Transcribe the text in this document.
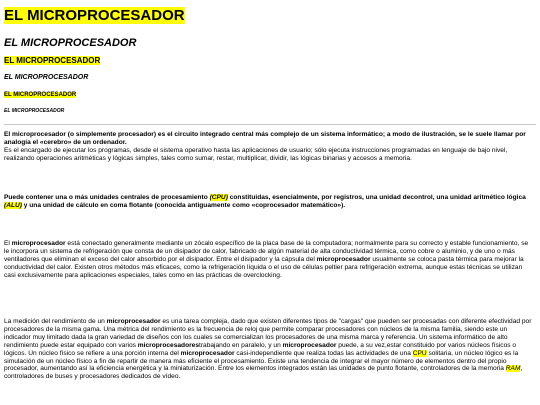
EL MICROPROCESADOR
EL MICROPROCESADOR
EL MICROPROCESADOR
EL MICROPROCESADOR
EL MICROPROCESADOR
EL MICROPROCESADOR

El microprocesador (o simplemente procesador) es el circuito integrado central más complejo de un sistema informático; a modo de ilustración, se le suele llamar por analogía el «cerebro» de un ordenador.
Es el encargado de ejecutar los programas, desde el sistema operativo hasta las aplicaciones de usuario; sólo ejecuta instrucciones programadas en lenguaje de bajo nivel, realizando operaciones aritméticas y lógicas simples, tales como sumar, restar, multiplicar, dividir, las lógicas binarias y accesos a memoria.

Puede contener una o más unidades centrales de procesamiento (CPU) constituidas, esencialmente, por registros, una unidad decontrol, una unidad aritmético lógica (ALU) y una unidad de cálculo en coma flotante (conocida antiguamente como «coprocesador matemático»).

El microprocesador está conectado generalmente mediante un zócalo específico de la placa base de la computadora; normalmente para su correcto y estable funcionamiento, se le incorpora un sistema de refrigeración que consta de un disipador de calor, fabricado de algún material de alta conductividad térmica, como cobre o aluminio, y de uno o más ventiladores que eliminan el exceso del calor absorbido por el disipador. Entre el disipador y la cápsula del microprocesador usualmente se coloca pasta térmica para mejorar la conductividad del calor. Existen otros métodos más eficaces, como la refrigeración líquida o el uso de células peltier para refrigeración extrema, aunque estas técnicas se utilizan casi exclusivamente para aplicaciones especiales, tales como en las prácticas de overclocking.

La medición del rendimiento de un microprocesador es una tarea compleja, dado que existen diferentes tipos de "cargas" que pueden ser procesadas con diferente efectividad por procesadores de la misma gama. Una métrica del rendimiento es la frecuencia de reloj que permite comparar procesadores con núcleos de la misma familia, siendo este un indicador muy limitado dada la gran variedad de diseños con los cuales se comercializan los procesadores de una misma marca y referencia. Un sistema informático de alto rendimiento puede estar equipado con varios microprocesadorestrabajando en paralelo, y un microprocesador puede, a su vez,estar constituido por varios núcleos físicos o lógicos. Un núcleo físico se refiere a una porción interna del microprocesador casi-independiente que realiza todas las actividades de una CPU solitaria, un núcleo lógico es la simulación de un núcleo físico a fin de repartir de manera más eficiente el procesamiento. Existe una tendencia de integrar el mayor número de elementos dentro del propio procesador, aumentando así la eficiencia energética y la miniaturización. Entre los elementos integrados están las unidades de punto flotante, controladores de la memoria RAM, controladores de buses y procesadores dedicados de vídeo.
